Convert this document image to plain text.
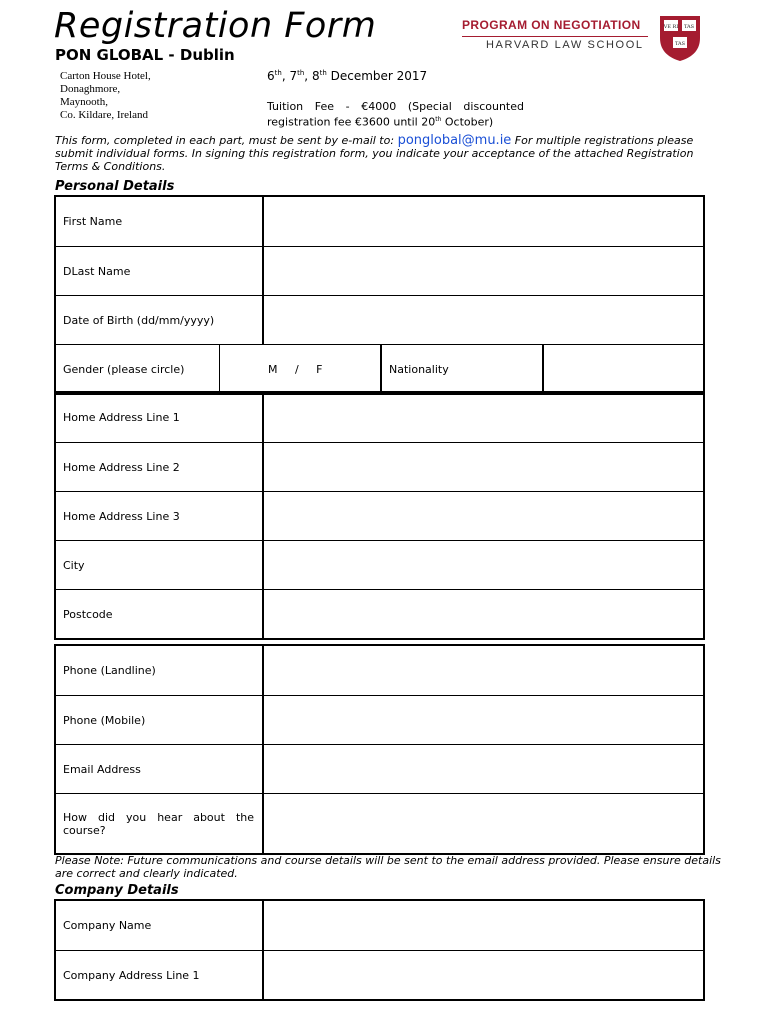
Registration Form
PON GLOBAL - Dublin
Carton House Hotel,
Donaghmore,
Maynooth,
Co. Kildare, Ireland
6th, 7th, 8th December 2017
Tuition Fee - €4000 (Special discounted
registration fee €3600 until 20th October)
PROGRAM ON NEGOTIATION
HARVARD LAW SCHOOL
VE RI TAS
TAS
This form, completed in each part, must be sent by e-mail to: ponglobal@mu.ie For multiple registrations please submit individual forms. In signing this registration form, you indicate your acceptance of the attached Registration Terms & Conditions.
Personal Details
First Name
DLast Name
Date of Birth (dd/mm/yyyy)
Gender (please circle)	M     /     F	Nationality
Home Address Line 1
Home Address Line 2
Home Address Line 3
City
Postcode
Phone (Landline)
Phone (Mobile)
Email Address
How did you hear about the
course?
Please Note: Future communications and course details will be sent to the email address provided. Please ensure details are correct and clearly indicated.
Company Details
Company Name
Company Address Line 1
